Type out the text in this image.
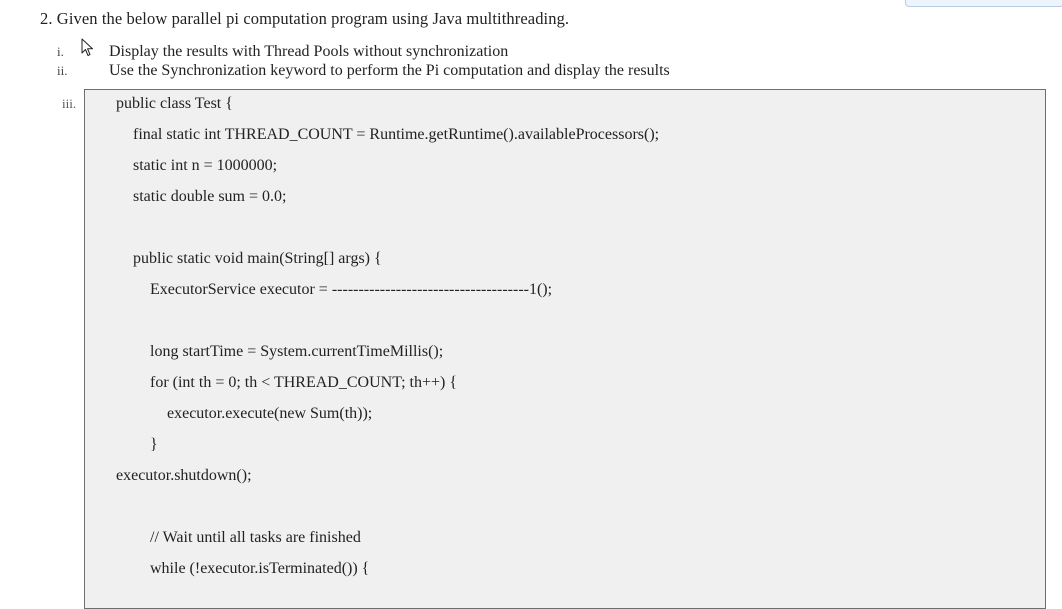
2. Given the below parallel pi computation program using Java multithreading.
i.	Display the results with Thread Pools without synchronization
ii.	Use the Synchronization keyword to perform the Pi computation and display the results
iii. public class Test {
final static int THREAD_COUNT = Runtime.getRuntime().availableProcessors();
static int n = 1000000;
static double sum = 0.0;
public static void main(String[] args) {
ExecutorService executor = -------------------------------------1();
long startTime = System.currentTimeMillis();
for (int th = 0; th < THREAD_COUNT; th++) {
executor.execute(new Sum(th));
}
executor.shutdown();
// Wait until all tasks are finished
while (!executor.isTerminated()) {
